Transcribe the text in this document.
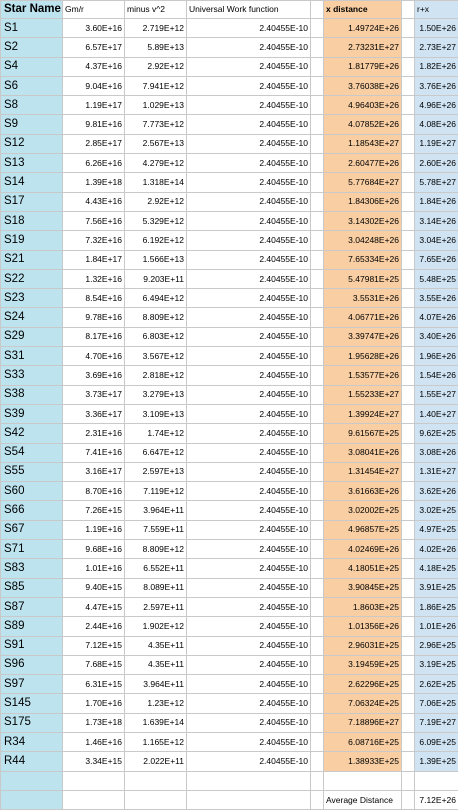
Star Name	Gm/r	minus v^2	Universal Work function		x distance		r+x
S1	3.60E+16	2.719E+12	2.40455E-10		1.49724E+26		1.50E+26
S2	6.57E+17	5.89E+13	2.40455E-10		2.73231E+27		2.73E+27
S4	4.37E+16	2.92E+12	2.40455E-10		1.81779E+26		1.82E+26
S6	9.04E+16	7.941E+12	2.40455E-10		3.76038E+26		3.76E+26
S8	1.19E+17	1.029E+13	2.40455E-10		4.96403E+26		4.96E+26
S9	9.81E+16	7.773E+12	2.40455E-10		4.07852E+26		4.08E+26
S12	2.85E+17	2.567E+13	2.40455E-10		1.18543E+27		1.19E+27
S13	6.26E+16	4.279E+12	2.40455E-10		2.60477E+26		2.60E+26
S14	1.39E+18	1.318E+14	2.40455E-10		5.77684E+27		5.78E+27
S17	4.43E+16	2.92E+12	2.40455E-10		1.84306E+26		1.84E+26
S18	7.56E+16	5.329E+12	2.40455E-10		3.14302E+26		3.14E+26
S19	7.32E+16	6.192E+12	2.40455E-10		3.04248E+26		3.04E+26
S21	1.84E+17	1.566E+13	2.40455E-10		7.65334E+26		7.65E+26
S22	1.32E+16	9.203E+11	2.40455E-10		5.47981E+25		5.48E+25
S23	8.54E+16	6.494E+12	2.40455E-10		3.5531E+26		3.55E+26
S24	9.78E+16	8.809E+12	2.40455E-10		4.06771E+26		4.07E+26
S29	8.17E+16	6.803E+12	2.40455E-10		3.39747E+26		3.40E+26
S31	4.70E+16	3.567E+12	2.40455E-10		1.95628E+26		1.96E+26
S33	3.69E+16	2.818E+12	2.40455E-10		1.53577E+26		1.54E+26
S38	3.73E+17	3.279E+13	2.40455E-10		1.55233E+27		1.55E+27
S39	3.36E+17	3.109E+13	2.40455E-10		1.39924E+27		1.40E+27
S42	2.31E+16	1.74E+12	2.40455E-10		9.61567E+25		9.62E+25
S54	7.41E+16	6.647E+12	2.40455E-10		3.08041E+26		3.08E+26
S55	3.16E+17	2.597E+13	2.40455E-10		1.31454E+27		1.31E+27
S60	8.70E+16	7.119E+12	2.40455E-10		3.61663E+26		3.62E+26
S66	7.26E+15	3.964E+11	2.40455E-10		3.02002E+25		3.02E+25
S67	1.19E+16	7.559E+11	2.40455E-10		4.96857E+25		4.97E+25
S71	9.68E+16	8.809E+12	2.40455E-10		4.02469E+26		4.02E+26
S83	1.01E+16	6.552E+11	2.40455E-10		4.18051E+25		4.18E+25
S85	9.40E+15	8.089E+11	2.40455E-10		3.90845E+25		3.91E+25
S87	4.47E+15	2.597E+11	2.40455E-10		1.8603E+25		1.86E+25
S89	2.44E+16	1.902E+12	2.40455E-10		1.01356E+26		1.01E+26
S91	7.12E+15	4.35E+11	2.40455E-10		2.96031E+25		2.96E+25
S96	7.68E+15	4.35E+11	2.40455E-10		3.19459E+25		3.19E+25
S97	6.31E+15	3.964E+11	2.40455E-10		2.62296E+25		2.62E+25
S145	1.70E+16	1.23E+12	2.40455E-10		7.06324E+25		7.06E+25
S175	1.73E+18	1.639E+14	2.40455E-10		7.18896E+27		7.19E+27
R34	1.46E+16	1.165E+12	2.40455E-10		6.08716E+25		6.09E+25
R44	3.34E+15	2.022E+11	2.40455E-10		1.38933E+25		1.39E+25

					Average Distance		7.12E+26
